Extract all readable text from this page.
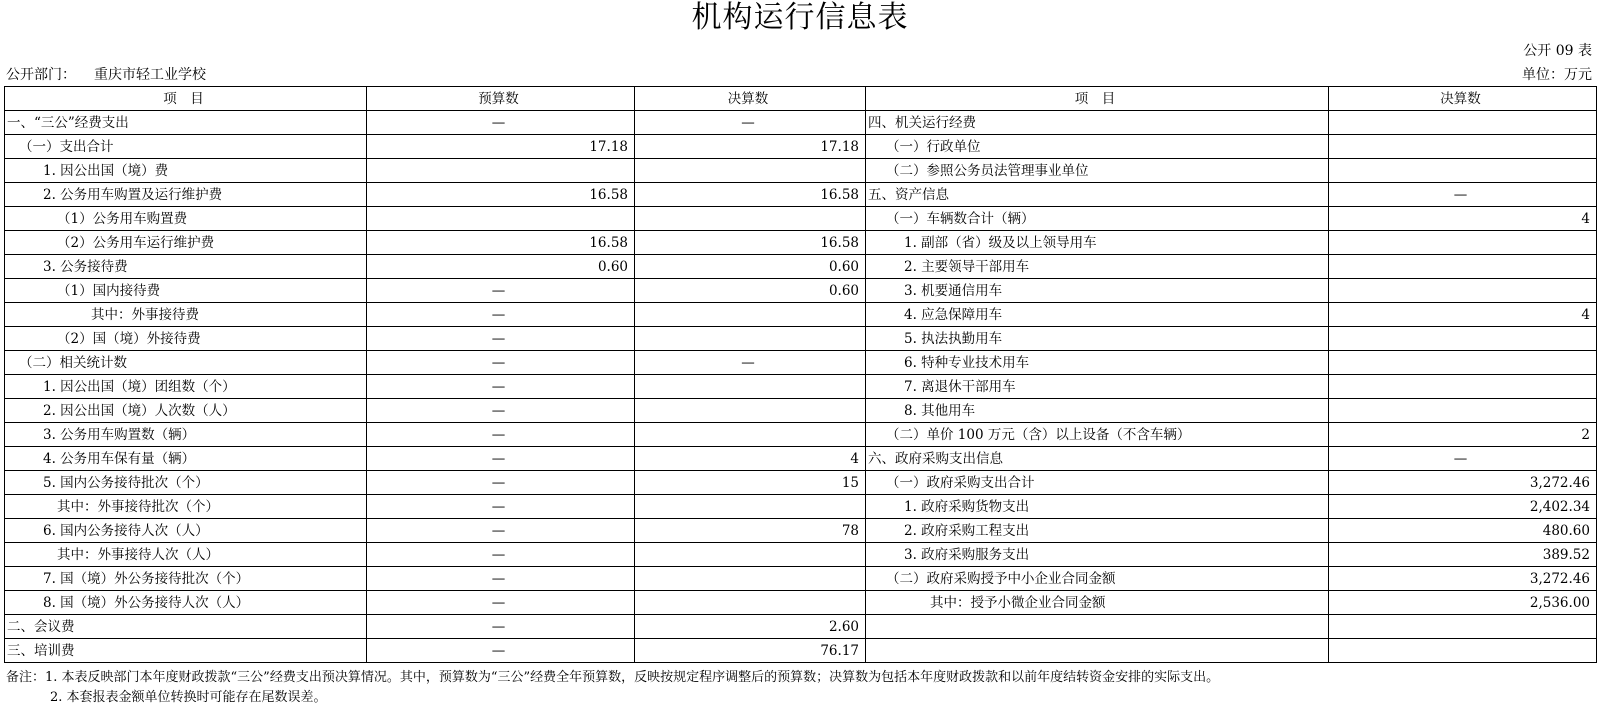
机构运行信息表
公开 09 表
公开部门： 重庆市轻工业学校	单位：万元
项　目	预算数	决算数	项　目	决算数
一、“三公”经费支出	—	—	四、机关运行经费	
（一）支出合计	17.18	17.18	（一）行政单位	
1. 因公出国（境）费			（二）参照公务员法管理事业单位	
2. 公务用车购置及运行维护费	16.58	16.58	五、资产信息	—
（1）公务用车购置费			（一）车辆数合计（辆）	4
（2）公务用车运行维护费	16.58	16.58	1. 副部（省）级及以上领导用车	
3. 公务接待费	0.60	0.60	2. 主要领导干部用车	
（1）国内接待费	—	0.60	3. 机要通信用车	
其中：外事接待费	—		4. 应急保障用车	4
（2）国（境）外接待费	—		5. 执法执勤用车	
（二）相关统计数	—	—	6. 特种专业技术用车	
1. 因公出国（境）团组数（个）	—		7. 离退休干部用车	
2. 因公出国（境）人次数（人）	—		8. 其他用车	
3. 公务用车购置数（辆）	—		（二）单价 100 万元（含）以上设备（不含车辆）	2
4. 公务用车保有量（辆）	—	4	六、政府采购支出信息	—
5. 国内公务接待批次（个）	—	15	（一）政府采购支出合计	3,272.46
其中：外事接待批次（个）	—		1. 政府采购货物支出	2,402.34
6. 国内公务接待人次（人）	—	78	2. 政府采购工程支出	480.60
其中：外事接待人次（人）	—		3. 政府采购服务支出	389.52
7. 国（境）外公务接待批次（个）	—		（二）政府采购授予中小企业合同金额	3,272.46
8. 国（境）外公务接待人次（人）	—		其中：授予小微企业合同金额	2,536.00
二、会议费	—	2.60		
三、培训费	—	76.17		
备注：1. 本表反映部门本年度财政拨款“三公”经费支出预决算情况。其中，预算数为“三公”经费全年预算数，反映按规定程序调整后的预算数；决算数为包括本年度财政拨款和以前年度结转资金安排的实际支出。
2. 本套报表金额单位转换时可能存在尾数误差。
